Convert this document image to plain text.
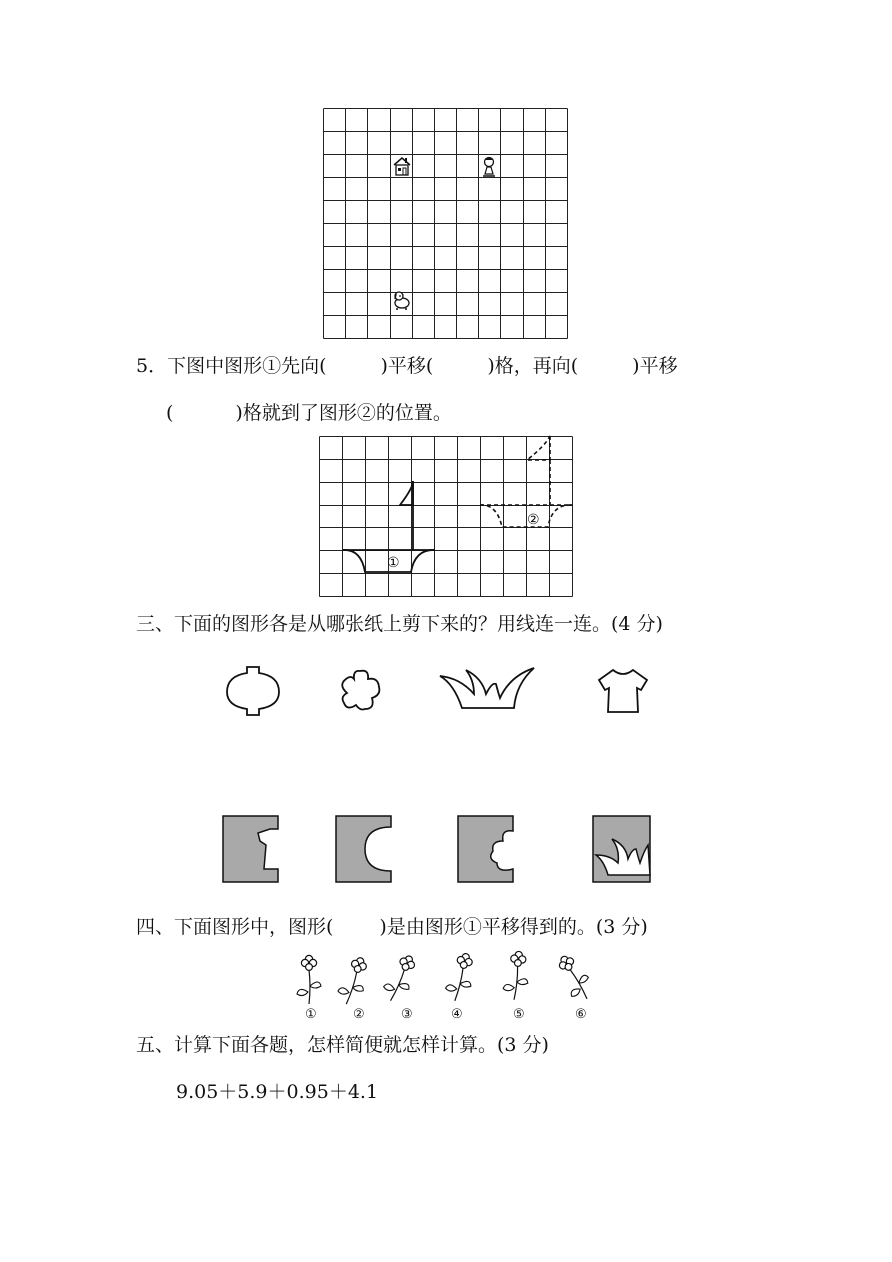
5．下图中图形①先向(	)平移(	)格，再向(	)平移
(	)格就到了图形②的位置。
①
②
三、下面的图形各是从哪张纸上剪下来的？用线连一连。(4 分)
四、下面图形中，图形( )是由图形①平移得到的。(3 分)
①	②	③	④	⑤	⑥
五、计算下面各题，怎样简便就怎样计算。(3 分)
9.05＋5.9＋0.95＋4.1
